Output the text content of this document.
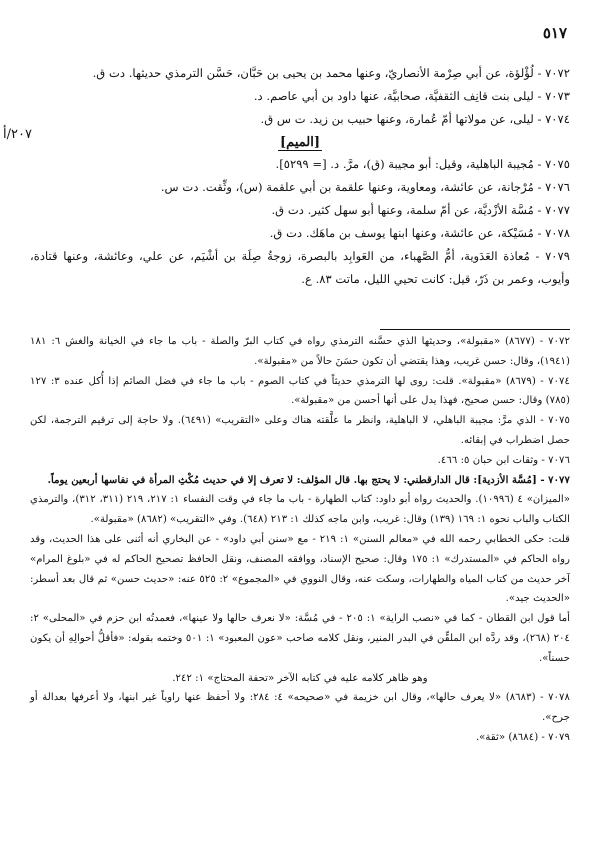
٥١٧
٢٠٧/أ

٧٠٧٢ - لُؤْلؤة، عن أبي صِرْمة الأنصاريّ، وعنها محمد بن يحيى بن حَبَّان، حَسَّن الترمذي حديثها. دت ق.

٧٠٧٣ - ليلى بنت قانِف الثقفيَّة، صحابيَّة، عنها داود بن أبي عاصم. د.

٧٠٧٤ - ليلى، عن مولاتها أمّ عُمارة، وعنها حبيب بن زيد. ت س ق.

[الميم]

٧٠٧٥ - مُجيبة الباهلية، وقيل: أبو مجيبة (ق)، مرَّ. د. [= ٥٢٩٩].

٧٠٧٦ - مُرْجانة، عن عائشة، ومعاوية، وعنها علقمة بن أبي علقمة (س)، وثِّقت. دت س.

٧٠٧٧ - مُسَّة الأزْديَّة، عن أمّ سلمة، وعنها أبو سهل كثير. دت ق.

٧٠٧٨ - مُسَيْكة، عن عائشة، وعنها ابنها يوسف بن ماهَك. دت ق.

٧٠٧٩ - مُعاذة العَدَوية، أمُّ الصَّهباء، من العَوابِد بالبصرة، زوجةُ صِلَة بن أشْيَم، عن علي، وعائشة، وعنها قتادة، وأيوب، وعمر بن ذَرّ، قيل: كانت تحيي الليل، ماتت ٨٣. ع.

٧٠٧٢ - (٨٦٧٧) «مقبولة»، وحديثها الذي حسَّنه الترمذي رواه في كتاب البرّ والصلة - باب ما جاء في الخيانة والغش ٦: ١٨١ (١٩٤١)، وقال: حسن غريب، وهذا يقتضي أن تكون حسَنَ حالاً من «مقبولة».

٧٠٧٤ - (٨٦٧٩) «مقبولة». قلت: روى لها الترمذي حديثاً في كتاب الصوم - باب ما جاء في فضل الصائم إذا أُكل عنده ٣: ١٢٧ (٧٨٥) وقال: حسن صحيح، فهذا يدل على أنها أحسن من «مقبولة».

٧٠٧٥ - الذي مرَّ: مجيبة الباهلي، لا الباهلية، وانظر ما علَّقته هناك وعلى «التقريب» (٦٤٩١). ولا حاجة إلى ترقيم الترجمة، لكن حصل اضطراب في إبقائه.

٧٠٧٦ - وثقات ابن حبان ٥: ٤٦٦.

٧٠٧٧ - [مُسَّة الأزدية]: قال الدارقطني: لا يحتج بها. قال المؤلف: لا تعرف إلا في حديث مُكْثِ المرأة في نفاسها أربعين يوماً.

«الميزان» ٤ (١٠٩٩٦). والحديث رواه أبو داود: كتاب الطهارة - باب ما جاء في وقت النفساء ١: ٢١٧، ٢١٩ (٣١١، ٣١٢)، والترمذي الكتاب والباب نحوه ١: ١٦٩ (١٣٩) وقال: غريب، وابن ماجه كذلك ١: ٢١٣ (٦٤٨). وفي «التقريب» (٨٦٨٢) «مقبولة».

قلت: حكى الخطابي رحمه الله في «معالم السنن» ١: ٢١٩ - مع «سنن أبي داود» - عن البخاري أنه أثنى على هذا الحديث، وقد رواه الحاكم في «المستدرك» ١: ١٧٥ وقال: صحيح الإسناد، ووافقه المصنف، ونقل الحافظ تصحيح الحاكم له في «بلوغ المرام» آخر حديث من كتاب المياه والطهارات، وسكت عنه، وقال النووي في «المجموع» ٢: ٥٢٥ عنه: «حديث حسن» ثم قال بعد أسطر: «الحديث جيد».

أما قول ابن القطان - كما في «نصب الراية» ١: ٢٠٥ - في مُسَّة: «لا نعرف حالها ولا عينها»، فعمدتُه ابن حزم في «المحلى» ٢: ٢٠٤ (٢٦٨)، وقد ردَّه ابن الملقِّن في البدر المنير، ونقل كلامه صاحب «عون المعبود» ١: ٥٠١ وختمه بقوله: «فأقلُّ أحوالِهِ أن يكون حسناً».

وهو ظاهر كلامه عليه في كتابه الآخر «تحفة المحتاج» ١: ٢٤٢.

٧٠٧٨ - (٨٦٨٣) «لا يعرف حالها»، وقال ابن خزيمة في «صحيحه» ٤: ٢٨٤: ولا أحفظ عنها راوياً غير ابنها، ولا أعرفها بعدالة أو جرح».

٧٠٧٩ - (٨٦٨٤) «ثقة».
